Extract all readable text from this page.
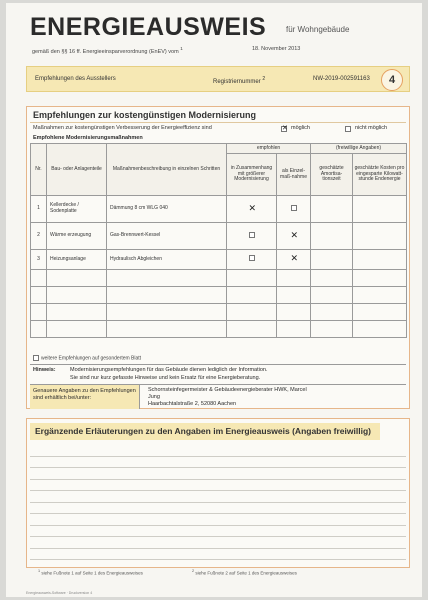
ENERGIEAUSWEIS für Wohngebäude
gemäß den §§ 16 ff. Energieeinsparverordnung (EnEV) vom $^1$	18. November 2013
Empfehlungen des Ausstellers	Registriernummer $^2$	NW-2019-002591163	4
Empfehlungen zur kostengünstigen Modernisierung
Maßnahmen zur kostengünstigen Verbesserung der Energieeffizienz sind ✕	möglich	nicht möglich
Empfohlene Modernisierungsmaßnahmen
Nr.	Bau- oder Anlagenteile	Maßnahmenbeschreibung in einzelnen Schritten	empfohlen		(freiwillige Angaben)	
			in Zusammenhang mit größerer Modernisierung	als Einzel-maß-nahme	geschätzte Amortisa-tionszeit	geschätzte Kosten pro eingesparte Kilowatt-stunde Endenergie
1	Kellerdecke / Sodenplatte	Dämmung 8 cm WLG 040	✕			
2	Wärme erzeugung	Gas-Brennwert-Kessel		✕		
3	Heizungsanlage	Hydraulisch Abgleichen		✕		

weitere Empfehlungen auf gesondertem Blatt
Hinweis:	Modernisierungsempfehlungen für das Gebäude dienen lediglich der Information.
Sie sind nur kurz gefasste Hinweise und kein Ersatz für eine Energieberatung.
Genauere Angaben zu den Empfehlungen sind erhältlich bei/unter:
Schornsteinfegermeister & Gebäudeenergieberater HWK, Marcel
Jung
Haarbachtalstraße 2, 52080 Aachen
Ergänzende Erläuterungen zu den Angaben im Energieausweis (Angaben freiwillig)
$^1$ siehe Fußnote 1 auf Seite 1 des Energieausweises	$^2$ siehe Fußnote 2 auf Seite 1 des Energieausweises
Energieausweis-Software · Druckversion 4
